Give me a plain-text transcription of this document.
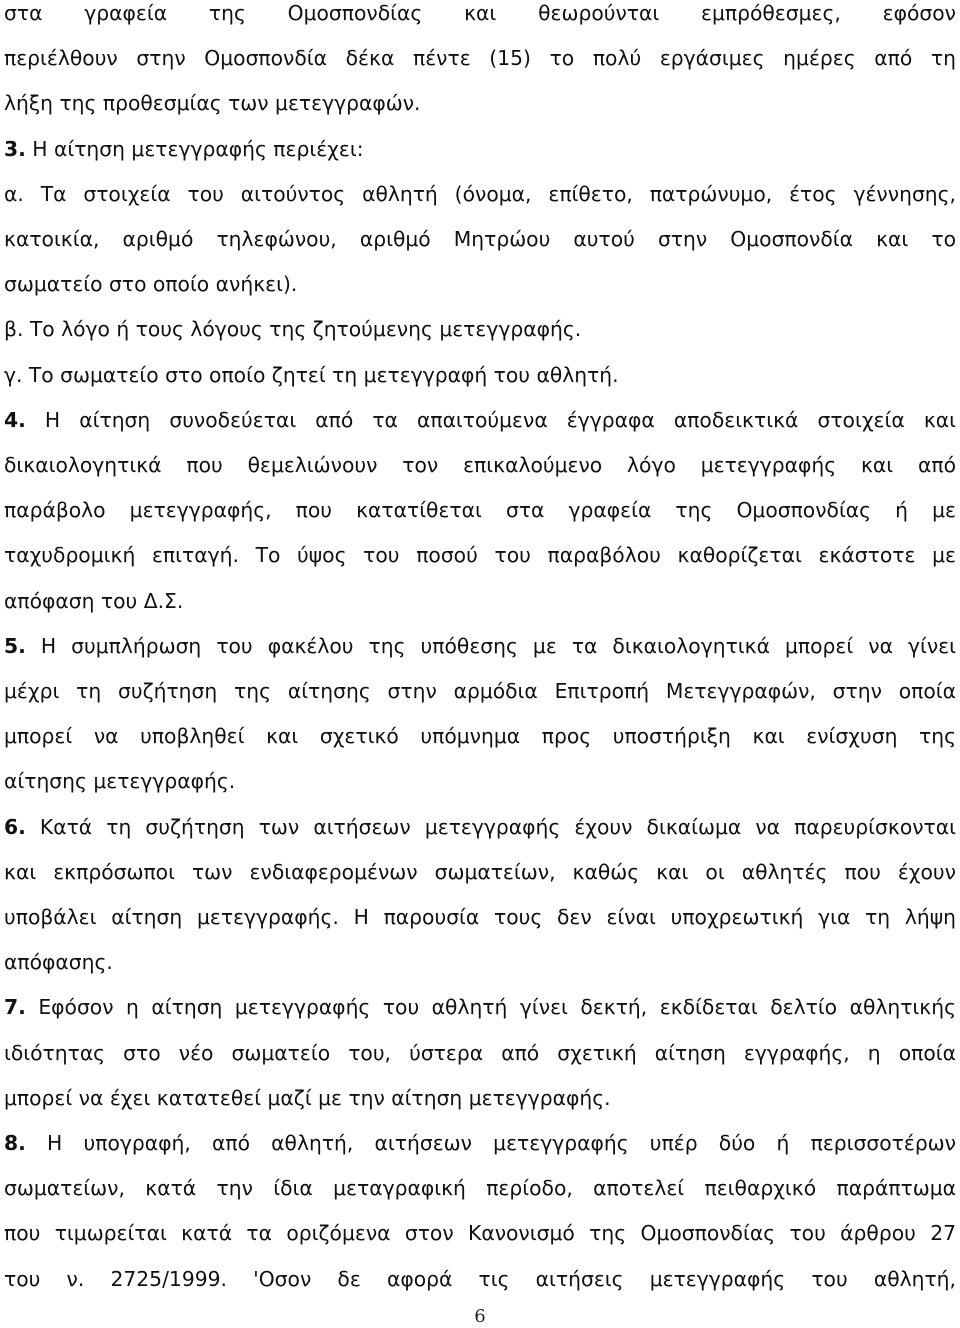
στα γραφεία της Ομοσπονδίας και θεωρούνται εμπρόθεσμες, εφόσον
περιέλθουν στην Ομοσπονδία δέκα πέντε (15) το πολύ εργάσιμες ημέρες από τη
λήξη της προθεσμίας των μετεγγραφών.
3. Η αίτηση μετεγγραφής περιέχει:
α. Τα στοιχεία του αιτούντος αθλητή (όνομα, επίθετο, πατρώνυμο, έτος γέννησης,
κατοικία, αριθμό τηλεφώνου, αριθμό Μητρώου αυτού στην Ομοσπονδία και το
σωματείο στο οποίο ανήκει).
β. Το λόγο ή τους λόγους της ζητούμενης μετεγγραφής.
γ. Το σωματείο στο οποίο ζητεί τη μετεγγραφή του αθλητή.
4. Η αίτηση συνοδεύεται από τα απαιτούμενα έγγραφα αποδεικτικά στοιχεία και
δικαιολογητικά που θεμελιώνουν τον επικαλούμενο λόγο μετεγγραφής και από
παράβολο μετεγγραφής, που κατατίθεται στα γραφεία της Ομοσπονδίας ή με
ταχυδρομική επιταγή. Το ύψος του ποσού του παραβόλου καθορίζεται εκάστοτε με
απόφαση του Δ.Σ.
5. Η συμπλήρωση του φακέλου της υπόθεσης με τα δικαιολογητικά μπορεί να γίνει
μέχρι τη συζήτηση της αίτησης στην αρμόδια Επιτροπή Μετεγγραφών, στην οποία
μπορεί να υποβληθεί και σχετικό υπόμνημα προς υποστήριξη και ενίσχυση της
αίτησης μετεγγραφής.
6. Κατά τη συζήτηση των αιτήσεων μετεγγραφής έχουν δικαίωμα να παρευρίσκονται
και εκπρόσωποι των ενδιαφερομένων σωματείων, καθώς και οι αθλητές που έχουν
υποβάλει αίτηση μετεγγραφής. Η παρουσία τους δεν είναι υποχρεωτική για τη λήψη
απόφασης.
7. Εφόσον η αίτηση μετεγγραφής του αθλητή γίνει δεκτή, εκδίδεται δελτίο αθλητικής
ιδιότητας στο νέο σωματείο του, ύστερα από σχετική αίτηση εγγραφής, η οποία
μπορεί να έχει κατατεθεί μαζί με την αίτηση μετεγγραφής.
8. Η υπογραφή, από αθλητή, αιτήσεων μετεγγραφής υπέρ δύο ή περισσοτέρων
σωματείων, κατά την ίδια μεταγραφική περίοδο, αποτελεί πειθαρχικό παράπτωμα
που τιμωρείται κατά τα οριζόμενα στον Κανονισμό της Ομοσπονδίας του άρθρου 27
του ν. 2725/1999. 'Οσον δε αφορά τις αιτήσεις μετεγγραφής του αθλητή,
6
